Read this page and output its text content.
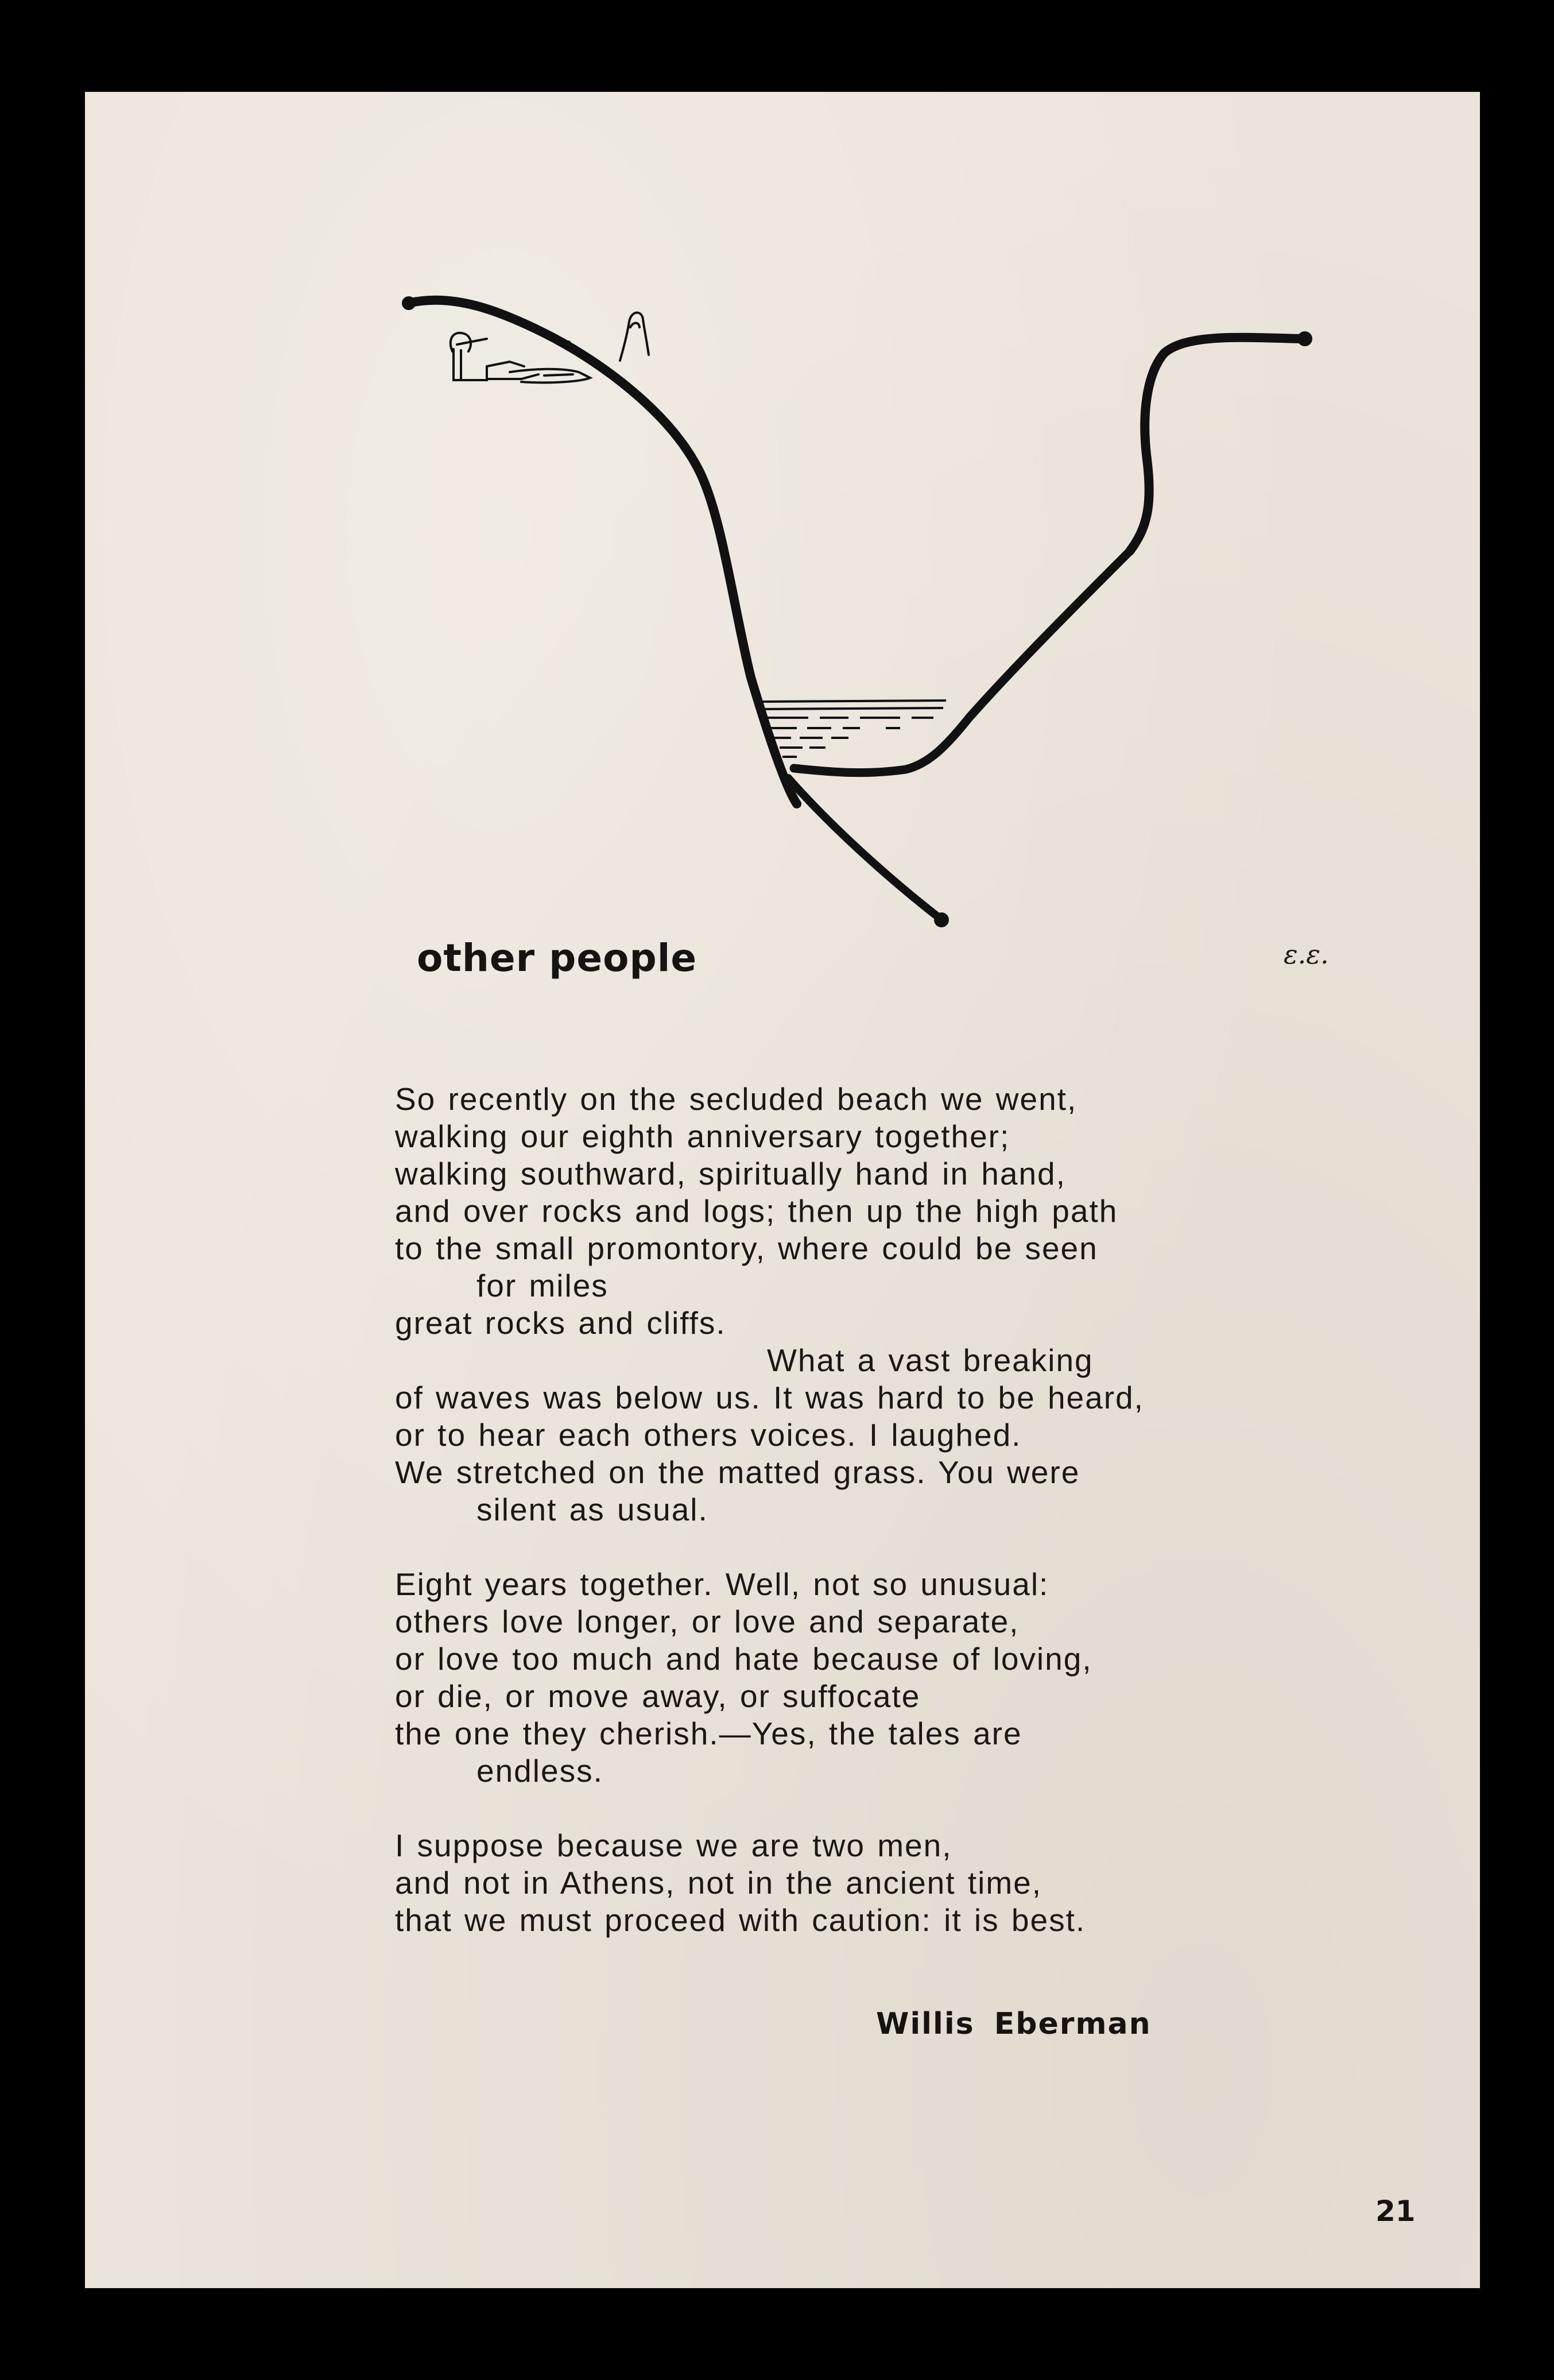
other people	ε.ε.
So recently on the secluded beach we went,
walking our eighth anniversary together;
walking southward, spiritually hand in hand,
and over rocks and logs; then up the high path
to the small promontory, where could be seen
for miles
great rocks and cliffs.
What a vast breaking
of waves was below us. It was hard to be heard,
or to hear each others voices. I laughed.
We stretched on the matted grass. You were
silent as usual.
Eight years together. Well, not so unusual:
others love longer, or love and separate,
or love too much and hate because of loving,
or die, or move away, or suffocate
the one they cherish.—Yes, the tales are
endless.
I suppose because we are two men,
and not in Athens, not in the ancient time,
that we must proceed with caution: it is best.
Willis Eberman
21
